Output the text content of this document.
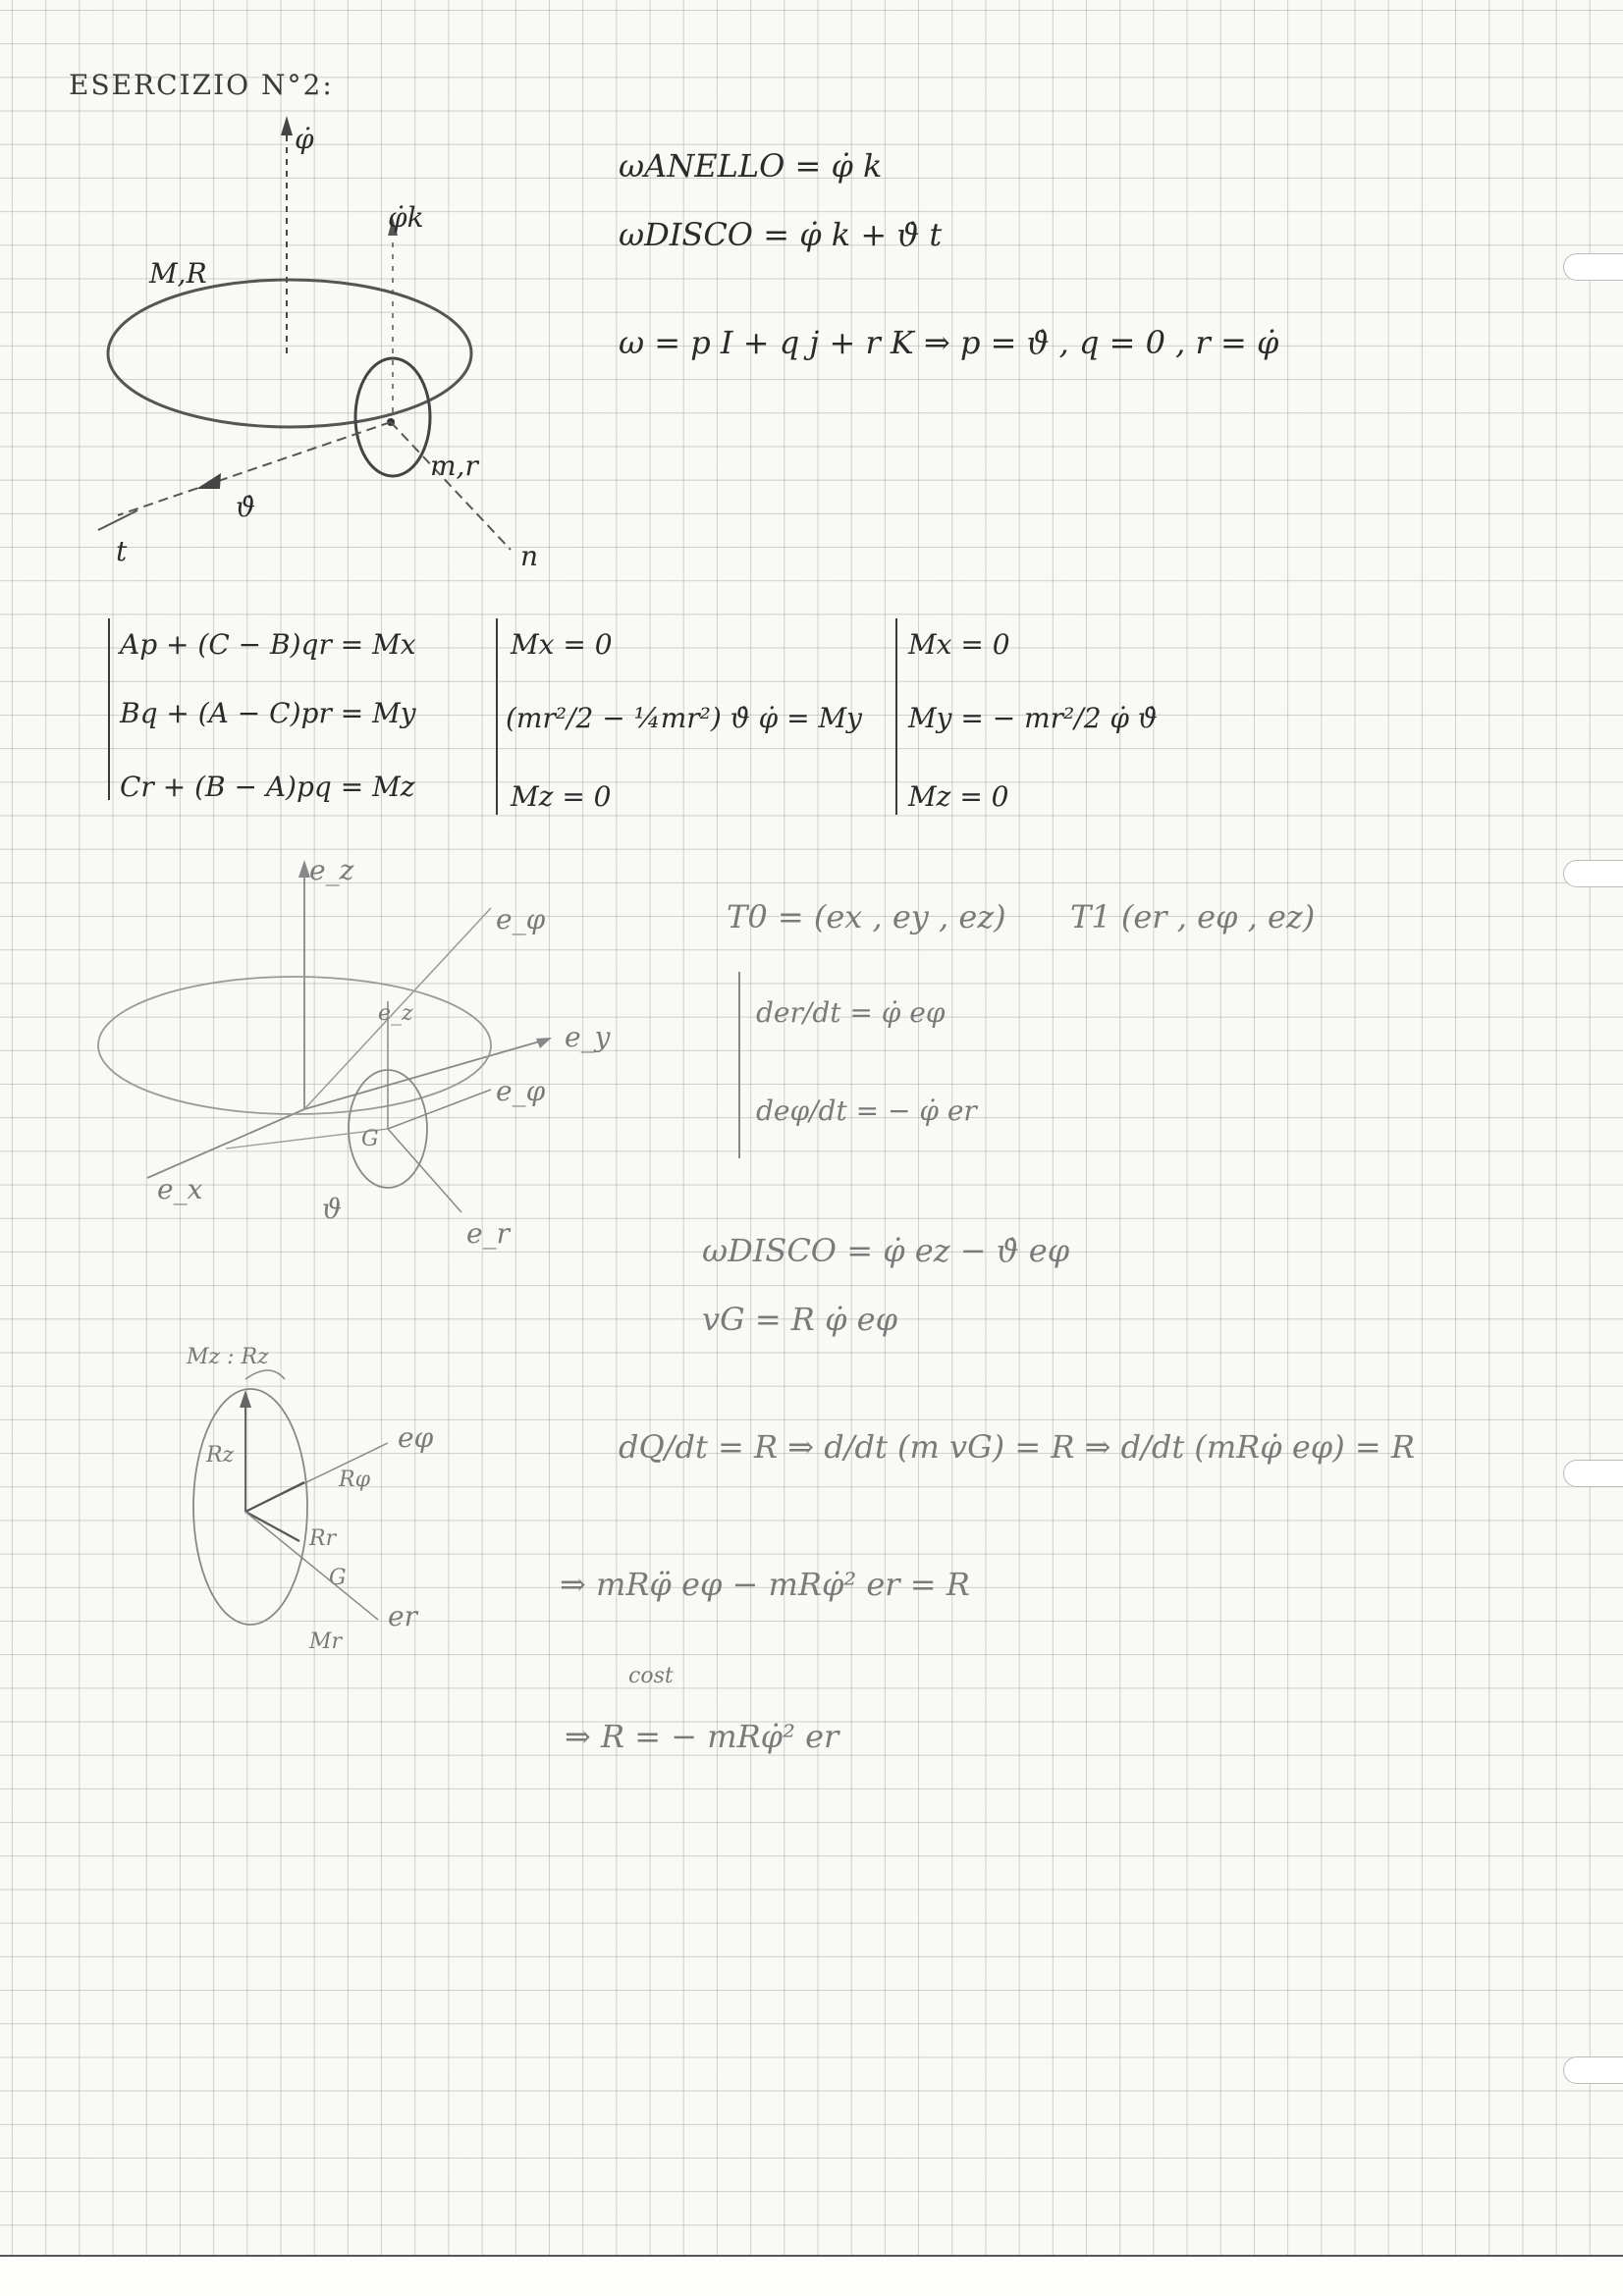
ESERCIZIO N°2:
φ̇
φ̇k
M,R
m,r
ϑ̇
t	n
ωANELLO = φ̇ k
ωDISCO = φ̇ k + ϑ̇ t
ω = p I + q j + r K ⇒ p = ϑ̇ , q = 0 , r = φ̇
Ap + (C − B)qr = Mx
Bq + (A − C)pr = My
Cr + (B − A)pq = Mz
Mx = 0
(mr²/2 − ¼mr²) ϑ̇ φ̇ = My
Mz = 0
Mx = 0
My = − mr²/2 φ̇ ϑ̇
Mz = 0
e_z
e_φ
e_z
e_y
e_φ
e_x
G
ϑ
e_r
T0 = (ex , ey , ez) T1 (er , eφ , ez)
der/dt = φ̇ eφ
deφ/dt = − φ̇ er
ωDISCO = φ̇ ez − ϑ̇ eφ
vG = R φ̇ eφ
Mz : Rz
eφ
Rz
Rφ
Rr
G
er
Mr
dQ/dt = R ⇒ d/dt (m vG) = R ⇒ d/dt (mRφ̇ eφ) = R
⇒ mRφ̈ eφ − mRφ̇² er = R
cost
⇒ R = − mRφ̇² er
